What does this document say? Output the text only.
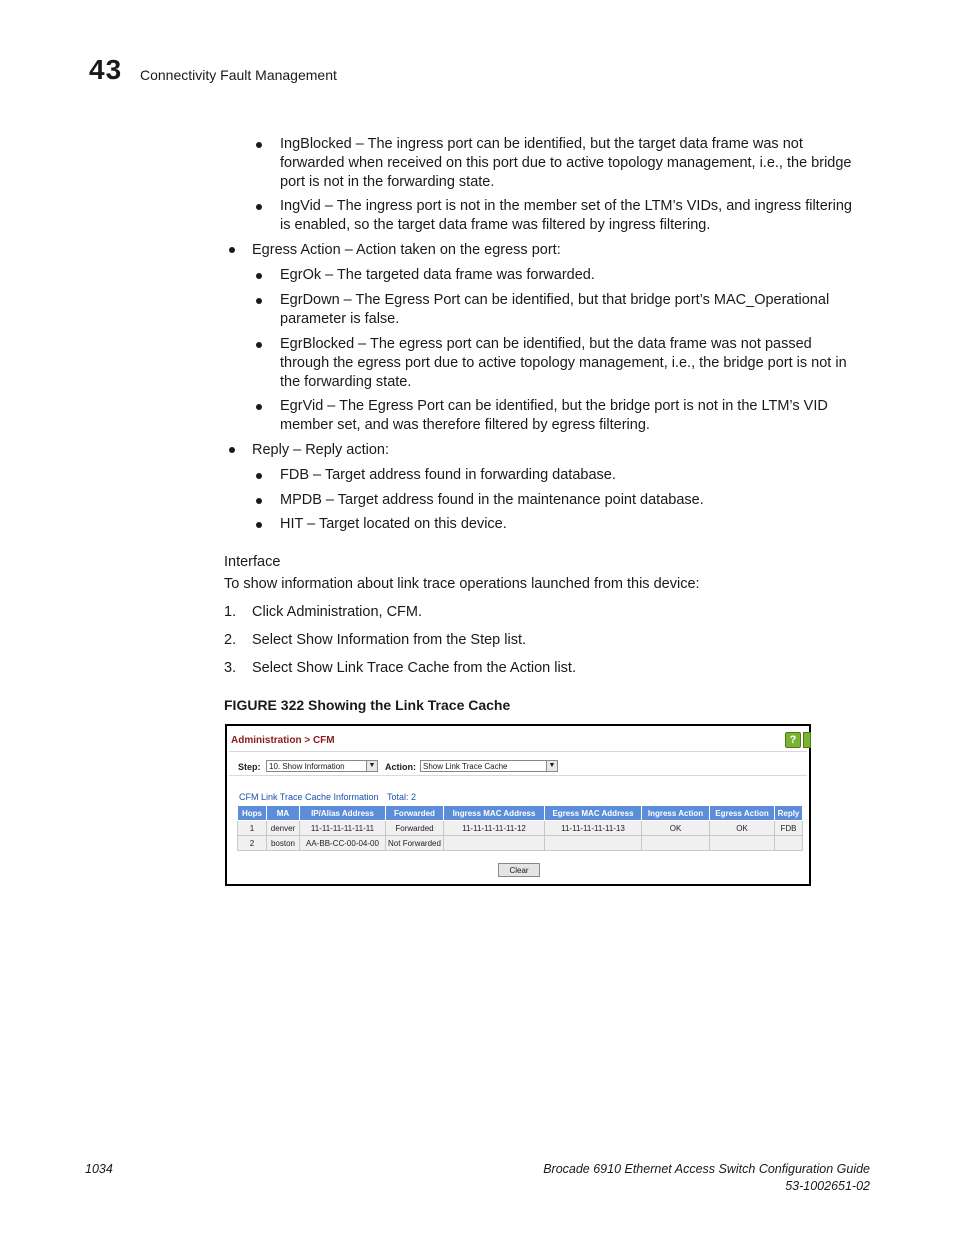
43 Connectivity Fault Management
IngBlocked – The ingress port can be identified, but the target data frame was not
forwarded when received on this port due to active topology management, i.e., the bridge
port is not in the forwarding state.
IngVid – The ingress port is not in the member set of the LTM’s VIDs, and ingress filtering
is enabled, so the target data frame was filtered by ingress filtering.
Egress Action – Action taken on the egress port:
EgrOk – The targeted data frame was forwarded.
EgrDown – The Egress Port can be identified, but that bridge port’s MAC_Operational
parameter is false.
EgrBlocked – The egress port can be identified, but the data frame was not passed
through the egress port due to active topology management, i.e., the bridge port is not in
the forwarding state.
EgrVid – The Egress Port can be identified, but the bridge port is not in the LTM’s VID
member set, and was therefore filtered by egress filtering.
Reply – Reply action:
FDB – Target address found in forwarding database.
MPDB – Target address found in the maintenance point database.
HIT – Target located on this device.
Interface
To show information about link trace operations launched from this device:
1. Click Administration, CFM.
2. Select Show Information from the Step list.
3. Select Show Link Trace Cache from the Action list.
FIGURE 322 Showing the Link Trace Cache
Administration > CFM	?
Step:	10. Show Information	▼ Action: Show Link Trace Cache	▼
CFM Link Trace Cache Information Total: 2
Hops	MA	IP/Alias Address	Forwarded	Ingress MAC Address	Egress MAC Address	Ingress Action	Egress Action	Reply
1	denver	11-11-11-11-11-11	Forwarded	11-11-11-11-11-12	11-11-11-11-11-13	OK	OK	FDB
2	boston	AA-BB-CC-00-04-00	Not Forwarded					
Clear
1034	Brocade 6910 Ethernet Access Switch Configuration Guide
53-1002651-02
